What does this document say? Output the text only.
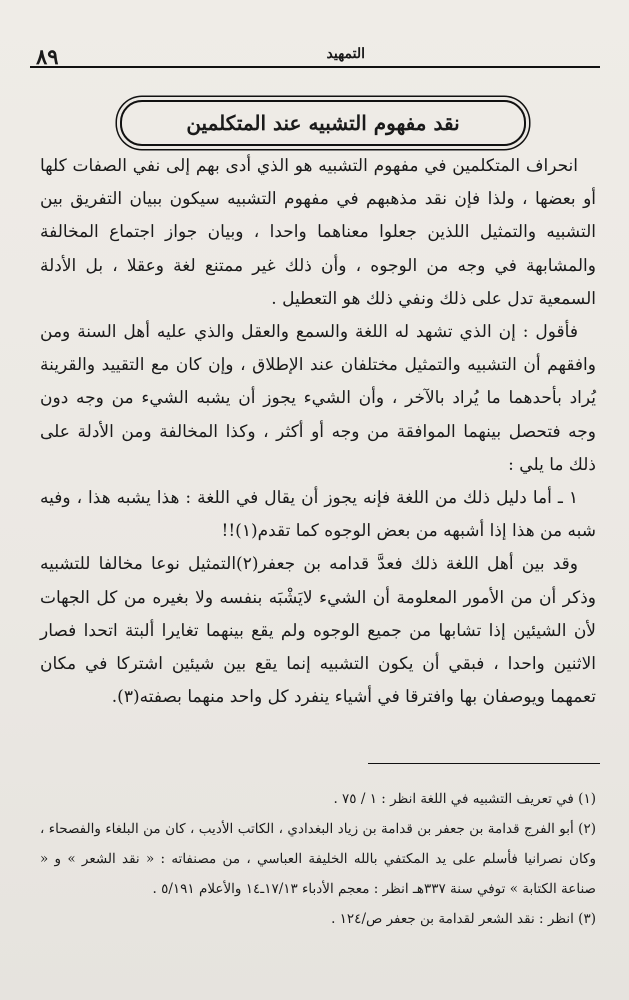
٨٩	التمهيد
نقد مفهوم التشبيه عند المتكلمين

انحراف المتكلمين في مفهوم التشبيه هو الذي أدى بهم إلى نفي الصفات كلها أو بعضها ، ولذا فإن نقد مذهبهم في مفهوم التشبيه سيكون ببيان التفريق بين التشبيه والتمثيل اللذين جعلوا معناهما واحدا ، وبيان جواز اجتماع المخالفة والمشابهة في وجه من الوجوه ، وأن ذلك غير ممتنع لغة وعقلا ، بل الأدلة السمعية تدل على ذلك ونفي ذلك هو التعطيل .

فأقول : إن الذي تشهد له اللغة والسمع والعقل والذي عليه أهل السنة ومن وافقهم أن التشبيه والتمثيل مختلفان عند الإطلاق ، وإن كان مع التقييد والقرينة يُراد بأحدهما ما يُراد بالآخر ، وأن الشيء يجوز أن يشبه الشيء من وجه دون وجه فتحصل بينهما الموافقة من وجه أو أكثر ، وكذا المخالفة ومن الأدلة على ذلك ما يلي :

١ ـ أما دليل ذلك من اللغة فإنه يجوز أن يقال في اللغة : هذا يشبه هذا ، وفيه شبه من هذا إذا أشبهه من بعض الوجوه كما تقدم(١)!!

وقد بين أهل اللغة ذلك فعدَّ قدامه بن جعفر(٢)التمثيل نوعا مخالفا للتشبيه وذكر أن من الأمور المعلومة أن الشيء لايَشْبَه بنفسه ولا بغيره من كل الجهات لأن الشيئين إذا تشابها من جميع الوجوه ولم يقع بينهما تغايرا ألبتة اتحدا فصار الاثنين واحدا ، فبقي أن يكون التشبيه إنما يقع بين شيئين اشتركا في مكان تعمهما ويوصفان بها وافترقا في أشياء ينفرد كل واحد منهما بصفته(٣).

(١) في تعريف التشبيه في اللغة انظر : ١ / ٧٥ .

(٢) أبو الفرج قدامة بن جعفر بن قدامة بن زياد البغدادي ، الكاتب الأديب ، كان من البلغاء والفصحاء ، وكان نصرانيا فأسلم على يد المكتفي بالله الخليفة العباسي ، من مصنفاته : « نقد الشعر » و « صناعة الكتابة » توفي سنة ٣٣٧هـ انظر : معجم الأدباء ١٧/١٣ـ١٤ والأعلام ٥/١٩١ .

(٣) انظر : نقد الشعر لقدامة بن جعفر ص/١٢٤ .
